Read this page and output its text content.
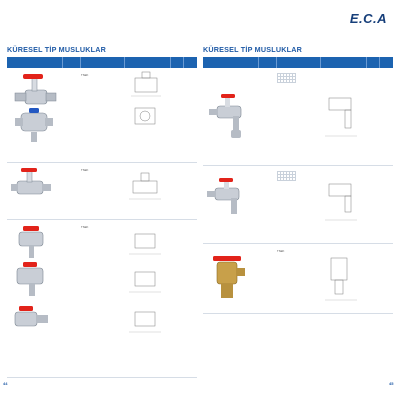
E.C.A
KÜRESEL TİP MUSLUKLAR
TSEK
TSEK

TSEK
KÜRESEL TİP MUSLUKLAR

TSEK
44	45
